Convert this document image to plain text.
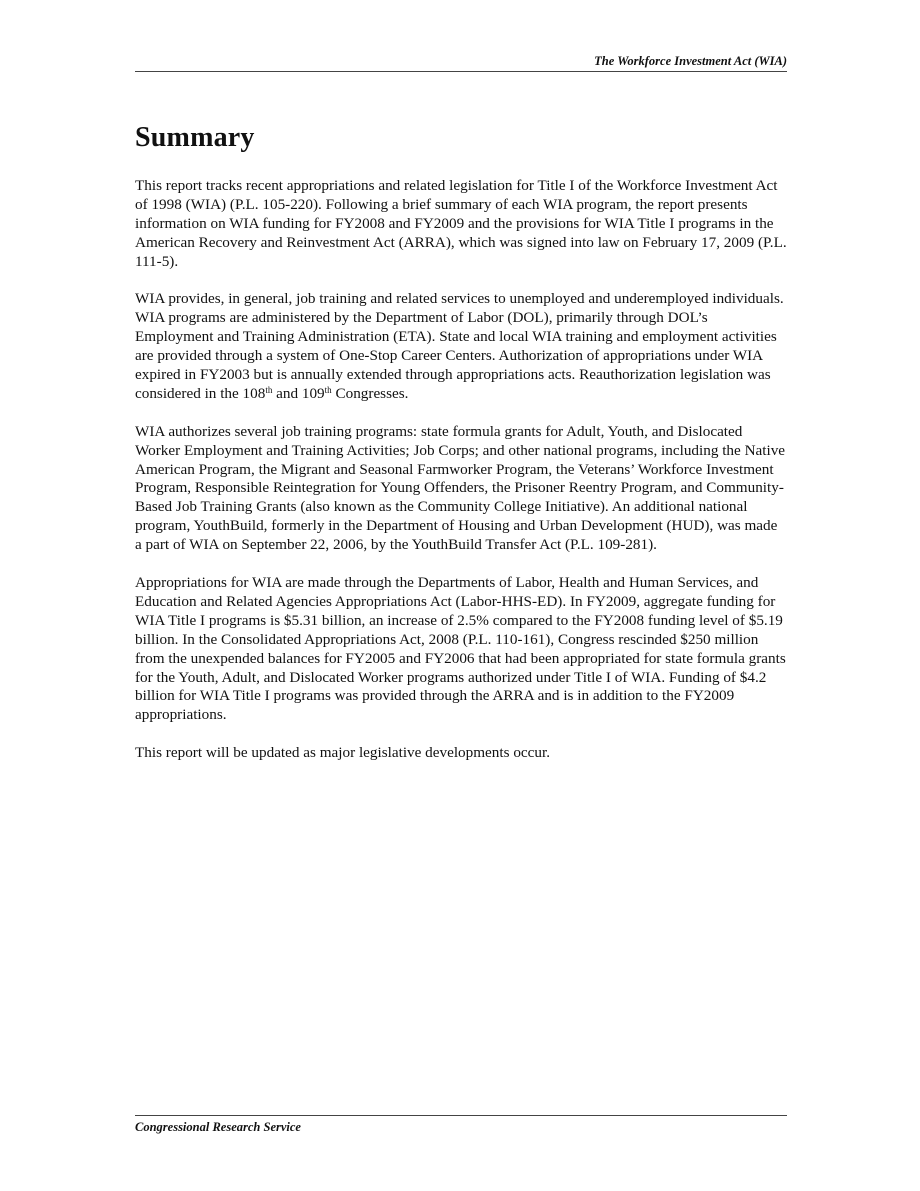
The Workforce Investment Act (WIA)
Summary

This report tracks recent appropriations and related legislation for Title I of the Workforce Investment Act of 1998 (WIA) (P.L. 105-220). Following a brief summary of each WIA program, the report presents information on WIA funding for FY2008 and FY2009 and the provisions for WIA Title I programs in the American Recovery and Reinvestment Act (ARRA), which was signed into law on February 17, 2009 (P.L. 111-5).

WIA provides, in general, job training and related services to unemployed and underemployed individuals. WIA programs are administered by the Department of Labor (DOL), primarily through DOL’s Employment and Training Administration (ETA). State and local WIA training and employment activities are provided through a system of One-Stop Career Centers. Authorization of appropriations under WIA expired in FY2003 but is annually extended through appropriations acts. Reauthorization legislation was considered in the 108th and 109th Congresses.

WIA authorizes several job training programs: state formula grants for Adult, Youth, and Dislocated Worker Employment and Training Activities; Job Corps; and other national programs, including the Native American Program, the Migrant and Seasonal Farmworker Program, the Veterans’ Workforce Investment Program, Responsible Reintegration for Young Offenders, the Prisoner Reentry Program, and Community-Based Job Training Grants (also known as the Community College Initiative). An additional national program, YouthBuild, formerly in the Department of Housing and Urban Development (HUD), was made a part of WIA on September 22, 2006, by the YouthBuild Transfer Act (P.L. 109-281).

Appropriations for WIA are made through the Departments of Labor, Health and Human Services, and Education and Related Agencies Appropriations Act (Labor-HHS-ED). In FY2009, aggregate funding for WIA Title I programs is $5.31 billion, an increase of 2.5% compared to the FY2008 funding level of $5.19 billion. In the Consolidated Appropriations Act, 2008 (P.L. 110-161), Congress rescinded $250 million from the unexpended balances for FY2005 and FY2006 that had been appropriated for state formula grants for the Youth, Adult, and Dislocated Worker programs authorized under Title I of WIA. Funding of $4.2 billion for WIA Title I programs was provided through the ARRA and is in addition to the FY2009 appropriations.

This report will be updated as major legislative developments occur.

Congressional Research Service
